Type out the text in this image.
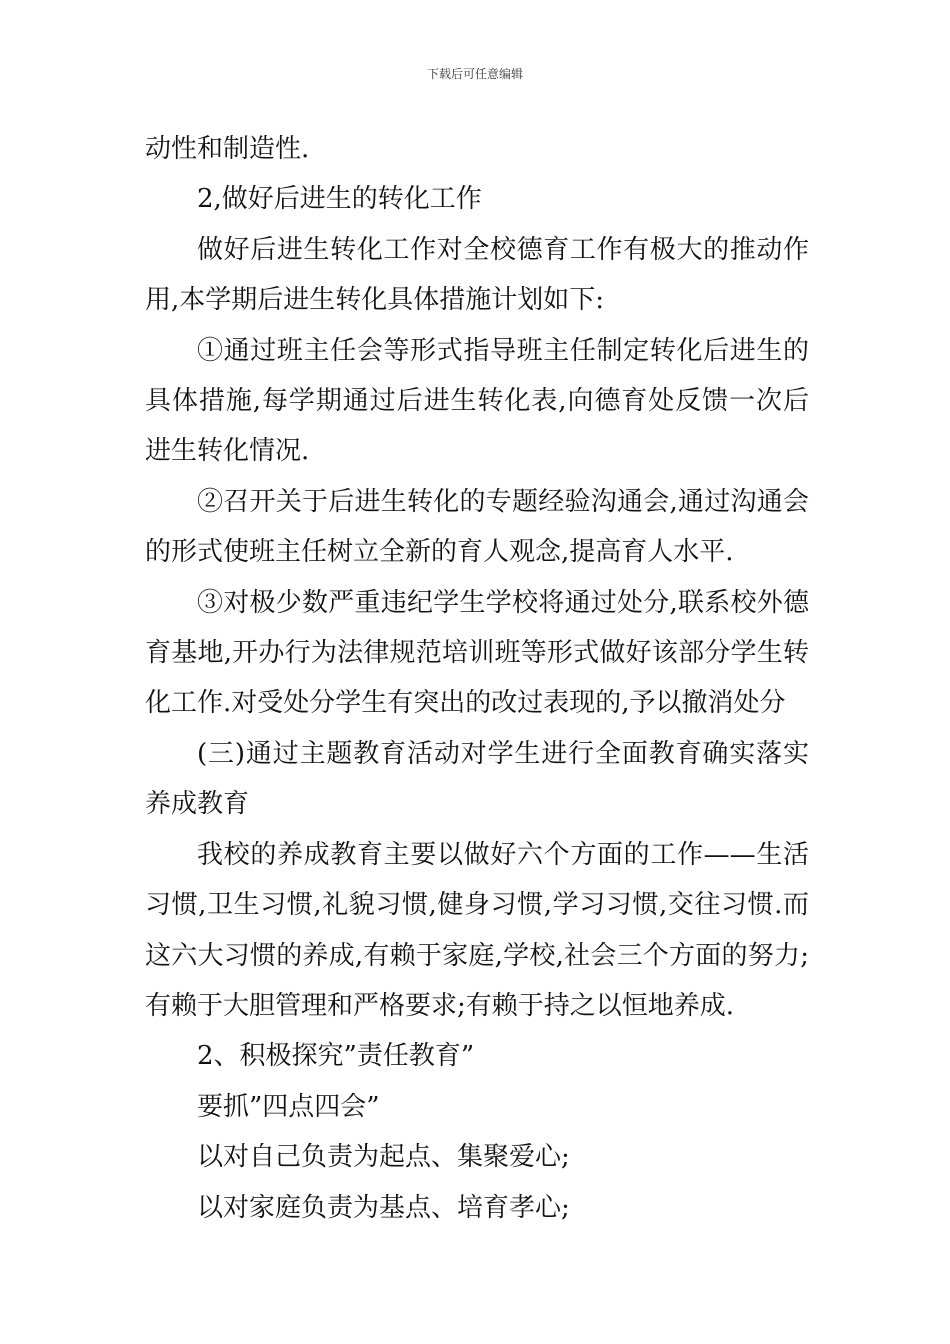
下载后可任意编辑

动性和制造性.

2,做好后进生的转化工作

做好后进生转化工作对全校德育工作有极大的推动作用,本学期后进生转化具体措施计划如下:

①通过班主任会等形式指导班主任制定转化后进生的具体措施,每学期通过后进生转化表,向德育处反馈一次后进生转化情况.

②召开关于后进生转化的专题经验沟通会,通过沟通会的形式使班主任树立全新的育人观念,提高育人水平.

③对极少数严重违纪学生学校将通过处分,联系校外德育基地,开办行为法律规范培训班等形式做好该部分学生转化工作.对受处分学生有突出的改过表现的,予以撤消处分

(三)通过主题教育活动对学生进行全面教育确实落实养成教育

我校的养成教育主要以做好六个方面的工作——生活习惯,卫生习惯,礼貌习惯,健身习惯,学习习惯,交往习惯.而这六大习惯的养成,有赖于家庭,学校,社会三个方面的努力;有赖于大胆管理和严格要求;有赖于持之以恒地养成.

2、积极探究”责任教育”

要抓”四点四会”

以对自己负责为起点、集聚爱心;

以对家庭负责为基点、培育孝心;
